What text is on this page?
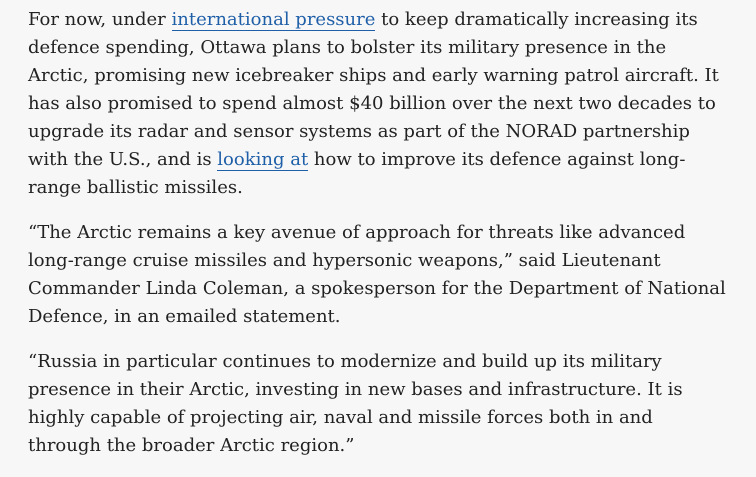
For now, under international pressure to keep dramatically increasing its defence spending, Ottawa plans to bolster its military presence in the Arctic, promising new icebreaker ships and early warning patrol aircraft. It has also promised to spend almost $40 billion over the next two decades to upgrade its radar and sensor systems as part of the NORAD partnership with the U.S., and is looking at how to improve its defence against long-range ballistic missiles.

“The Arctic remains a key avenue of approach for threats like advanced long-range cruise missiles and hypersonic weapons,” said Lieutenant Commander Linda Coleman, a spokesperson for the Department of National Defence, in an emailed statement.

“Russia in particular continues to modernize and build up its military presence in their Arctic, investing in new bases and infrastructure. It is highly capable of projecting air, naval and missile forces both in and through the broader Arctic region.”
